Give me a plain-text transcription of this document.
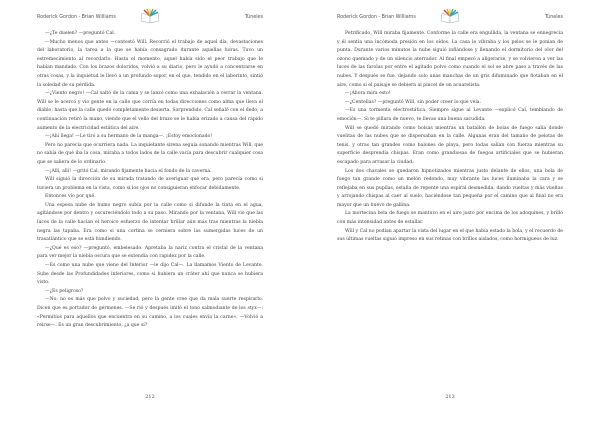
Roderick Gordon - Brian Williams	Túneles

—¿Te duelen? —preguntó Cal.

—Mucho menos que antes —contestó Will. Recorrió el trabajo de aquel día, devastaciones del laboratorio, la tarea a la que se había consagrado durante aquellas horas. Tuvo un estremecimiento al recordarlo. Hasta el momento, aquel había sido el peor trabajo que le habían mandado. Con los brazos doloridos, volvió a su diario, pero le ayudó a concentrarse en otras cosas, y la inquietud le llevó a un profundo sopor, en el que, tendido en el laberinto, sintió la soledad de su pérdida.

—¿Viento negro! —Cal saltó de la cama y se lanzó como una exhalación a cerrar la ventana. Will se le acercó y vio gente en la calle que corría en todas direcciones como alma que lleva el diablo, hasta que la calle quedó completamente desierta. Sorprendido, Cal señaló con el dedo; a continuación retiró la mano, viendo que el vello del brazo se le había erizado a causa del rápido aumento de la electricidad estática del aire.

—¡Ahí llega! —Le tiró a su hermano de la manga—. ¡Estoy emocionado!

Pero no parecía que ocurriera nada. La inquietante sirena seguía sonando mientras Will, que no sabía de qué iba la cosa, miraba a todos lados de la calle vacía para descubrir cualquier cosa que se saliera de lo ordinario.

—¡Allí, allí! —gritó Cal, mirando fijamente hacia el fondo de la caverna.

Will siguió la dirección de su mirada tratando de averiguar qué era, pero parecía como si tuviera un problema en la vista, como si los ojos no consiguieran enfocar debidamente.

Entonces vio por qué.

Una espesa nube de humo negro subía por la calle como si difunde la tinta en el agua, agitándose por dentro y oscureciéndolo todo a su paso. Mirando por la ventana, Will vio que las luces de la calle hacían el heroico esfuerzo de intentar brillar aún más tras mientras la niebla negra las tapaba. Era como si una cortina se cerniera sobre las sumergidas luces de un trasatlántico que se está hundiendo.

—¿Qué es eso? —preguntó, embelesado. Apretaba la nariz contra el cristal de la ventana para ver mejor la niebla oscura que se extendía con rapidez por la calle.

—Es como una nube que viene del Interior —le dijo Cal—. La llamamos Viento de Levante. Sube desde las Profundidades inferiores, como si hubiera un cráter ahí que nunca se hubiera visto.

—¿Es peligroso?

—No, no es más que polvo y suciedad, pero la gente cree que da mala suerte respirarlo. Dicen que es portador de gérmenes. —Se rió y después imitó el tono salmodiante de los styx—: «Permitíos para aquellos que encuentra en su camino, a los cuales envía la carne». —Volvió a reírse—. Es un gran descubrimiento, ¿a que sí?

212
Roderick Gordon - Brian Williams	Túneles

Petrificado, Will miraba fijamente. Conforme la calle era engullida, la ventana se ennegrecía y él sentía una incómoda presión en los oídos. La casa le vibraba y los pelos se le ponían de punta. Durante varios minutos la nube siguió inflándose y llenando el dormitorio del olor del ozono quemado y de un silencio aterrador. Al final empezó a aligerarse, y se volvieron a ver las luces de las farolas por entre el agitado polvo como cuando el sol se abre paso a través de las nubes. Y después se fue, dejando solo unas manchas de un gris difuminado que flotaban en el aire, como si el paisaje se debiera al pincel de un acuarelista.

—¡Ahora mira esto!

—¿Centellas? —preguntó Will, sin poder creer lo que veía.

—Es una tormenta electrostática. Siempre sigue al Levante —explicó Cal, temblando de emoción—. Si te pillara de nuevo, te llevas una buena sacudida.

Will se quedó mirando como bolsas mientras un batallón de bolas de fuego salía donde vuelitas de las nubes que se dispersaban en la calle. Algunas eran del tamaño de pelotas de tenis, y otras tan grandes como balones de playa, pero todas salían con fuerza mientras su superficie desprendía chispas. Eran como grandiosas de fuegos artificiales que se hubieran escapado para arrasar la ciudad.

Los dos chavales se quedaron hipnotizados mientras justo delante de ellos, una bola de fuego tan grande como un melón redondo, muy vibrante las luces iluminaba la cara y se reflejaba en sus pupilas, estalla de repente una espiral desmedida, dando vueltas y más vueltas y arrojando chispas al caer al suelo, haciéndose tan pequeña por el camino que al final no era mayor que un huevo de gallina.

La mortecina bola de fuego se mantuvo en el aire justo por encima de los adoquines, y brilló con más intensidad antes de estallar.

Will y Cal no podían apartar la vista del lugar en el que había estado la bola, y el recuerdo de sus últimas vueltas siguió impreso en sus retinas con brillos aislados, como hormigueos de luz.

213
